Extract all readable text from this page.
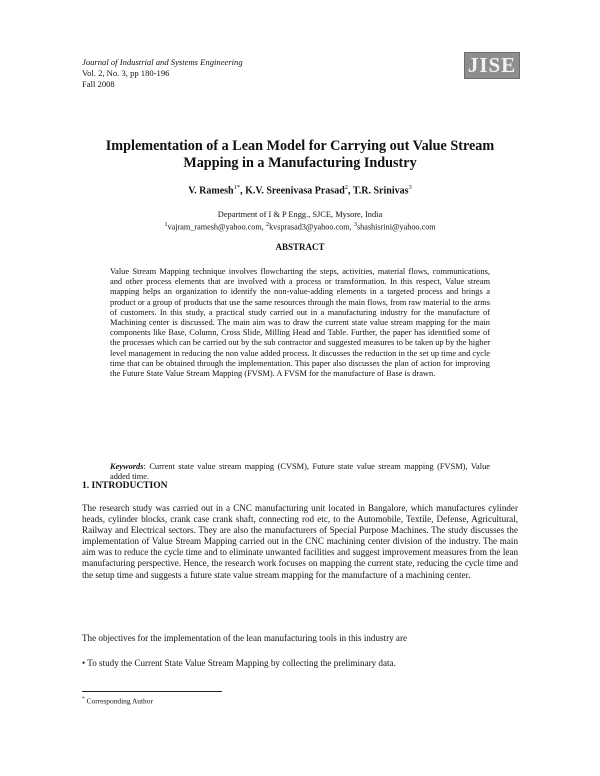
Journal of Industrial and Systems Engineering
Vol. 2, No. 3, pp 180-196
Fall 2008
JISE
Implementation of a Lean Model for Carrying out Value Stream
Mapping in a Manufacturing Industry
V. Ramesh$^{1*}$, K.V. Sreenivasa Prasad$^2$, T.R. Srinivas$^3$
Department of I & P Engg., SJCE, Mysore, India
$^1$vajram_ramesh@yahoo.com, $^2$kvsprasad3@yahoo.com, $^3$shashisrini@yahoo.com
ABSTRACT

Value Stream Mapping technique involves flowcharting the steps, activities, material flows, communications, and other process elements that are involved with a process or transformation. In this respect, Value stream mapping helps an organization to identify the non-value-adding elements in a targeted process and brings a product or a group of products that use the same resources through the main flows, from raw material to the arms of customers. In this study, a practical study carried out in a manufacturing industry for the manufacture of Machining center is discussed. The main aim was to draw the current state value stream mapping for the main components like Base, Column, Cross Slide, Milling Head and Table. Further, the paper has identified some of the processes which can be carried out by the sub contractor and suggested measures to be taken up by the higher level management in reducing the non value added process. It discusses the reduction in the set up time and cycle time that can be obtained through the implementation. This paper also discusses the plan of action for improving the Future State Value Stream Mapping (FVSM). A FVSM for the manufacture of Base is drawn.

Keywords: Current state value stream mapping (CVSM), Future state value stream mapping (FVSM), Value added time.
1. INTRODUCTION

The research study was carried out in a CNC manufacturing unit located in Bangalore, which manufactures cylinder heads, cylinder blocks, crank case crank shaft, connecting rod etc, to the Automobile, Textile, Defense, Agricultural, Railway and Electrical sectors. They are also the manufacturers of Special Purpose Machines. The study discusses the implementation of Value Stream Mapping carried out in the CNC machining center division of the industry. The main aim was to reduce the cycle time and to eliminate unwanted facilities and suggest improvement measures from the lean manufacturing perspective. Hence, the research work focuses on mapping the current state, reducing the cycle time and the setup time and suggests a future state value stream mapping for the manufacture of a machining center.

The objectives for the implementation of the lean manufacturing tools in this industry are
• To study the Current State Value Stream Mapping by collecting the preliminary data.
* Corresponding Author
